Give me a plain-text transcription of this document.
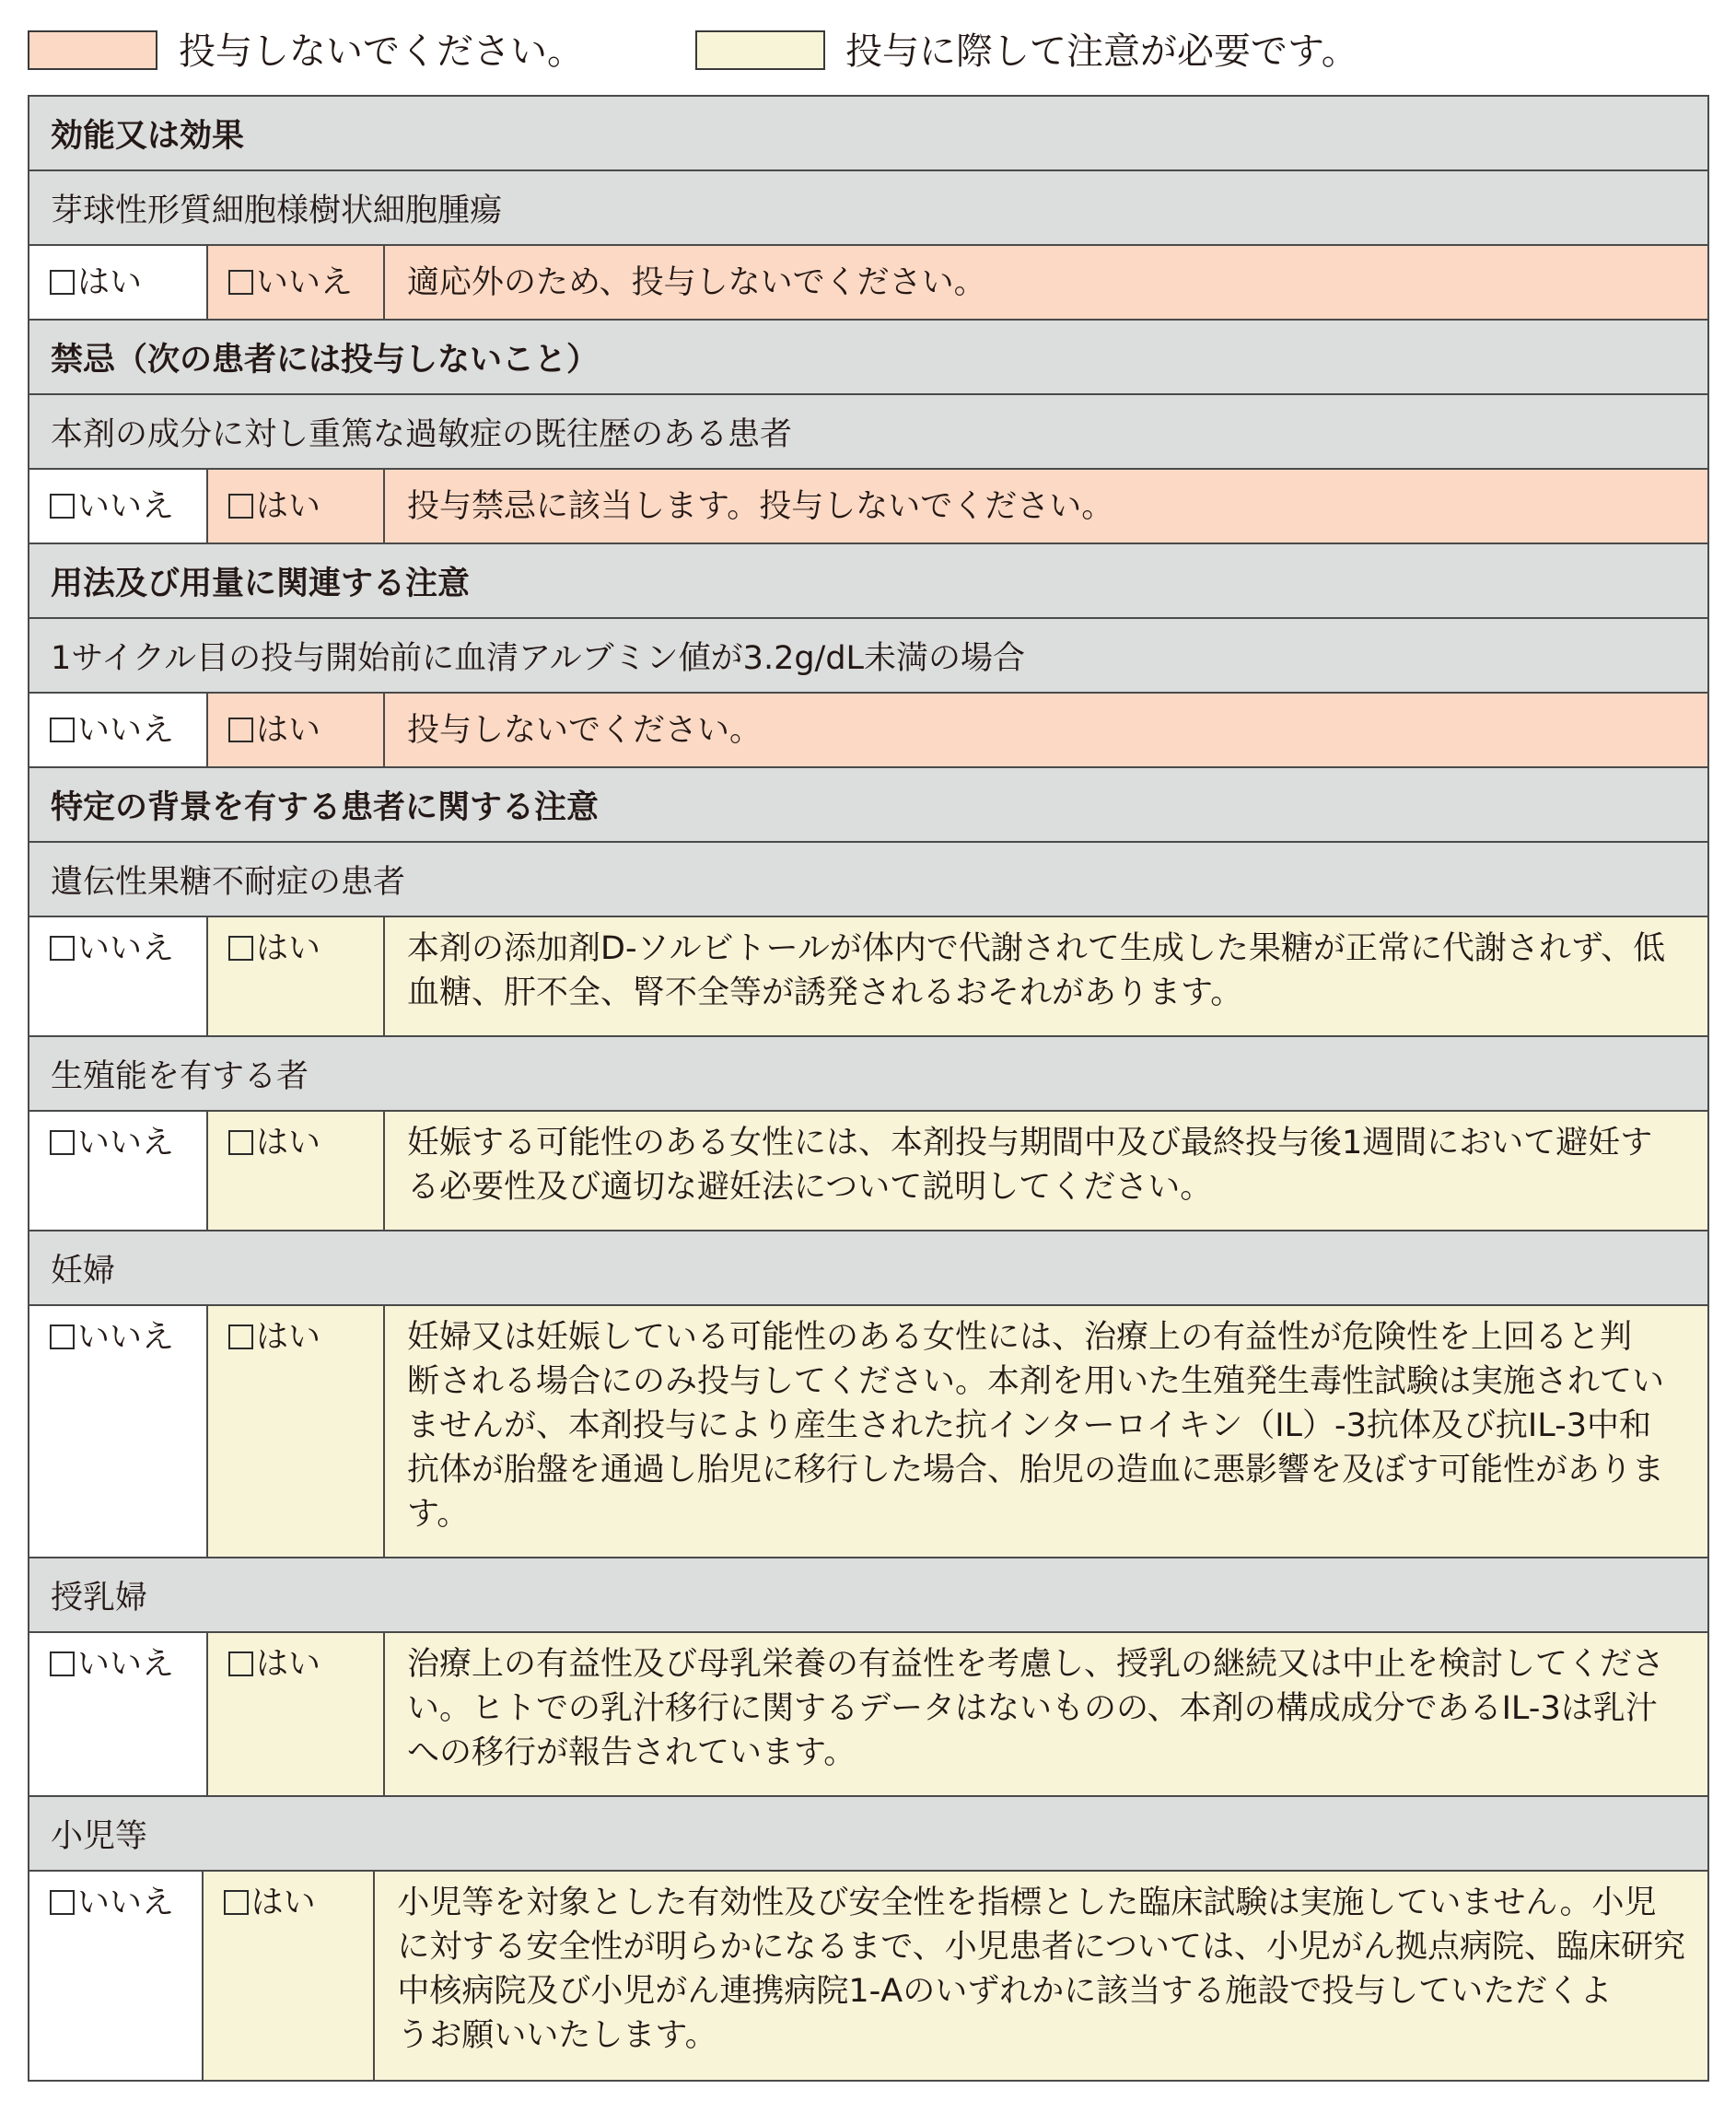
投与しないでください。	投与に際して注意が必要です。
効能又は効果
芽球性形質細胞様樹状細胞腫瘍
はい	いいえ 適応外のため、投与しないでください。
禁忌（次の患者には投与しないこと）
本剤の成分に対し重篤な過敏症の既往歴のある患者
いいえ	はい	投与禁忌に該当します。投与しないでください。
用法及び用量に関連する注意
1サイクル目の投与開始前に血清アルブミン値が3.2g/dL未満の場合
いいえ	はい	投与しないでください。
特定の背景を有する患者に関する注意
遺伝性果糖不耐症の患者
いいえ	はい	本剤の添加剤D-ソルビトールが体内で代謝されて生成した果糖が正常に代謝されず、低
血糖、肝不全、腎不全等が誘発されるおそれがあります。
生殖能を有する者
いいえ	はい	妊娠する可能性のある女性には、本剤投与期間中及び最終投与後1週間において避妊す
る必要性及び適切な避妊法について説明してください。
妊婦
いいえ	はい	妊婦又は妊娠している可能性のある女性には、治療上の有益性が危険性を上回ると判
断される場合にのみ投与してください。本剤を用いた生殖発生毒性試験は実施されてい
ませんが、本剤投与により産生された抗インターロイキン（IL）-3抗体及び抗IL-3中和
抗体が胎盤を通過し胎児に移行した場合、胎児の造血に悪影響を及ぼす可能性がありま
す。
授乳婦
いいえ	はい	治療上の有益性及び母乳栄養の有益性を考慮し、授乳の継続又は中止を検討してくださ
い。ヒトでの乳汁移行に関するデータはないものの、本剤の構成成分であるIL-3は乳汁
への移行が報告されています。
小児等
いいえ はい	小児等を対象とした有効性及び安全性を指標とした臨床試験は実施していません。小児
に対する安全性が明らかになるまで、小児患者については、小児がん拠点病院、臨床研究
中核病院及び小児がん連携病院1-Aのいずれかに該当する施設で投与していただくよ
うお願いいたします。
